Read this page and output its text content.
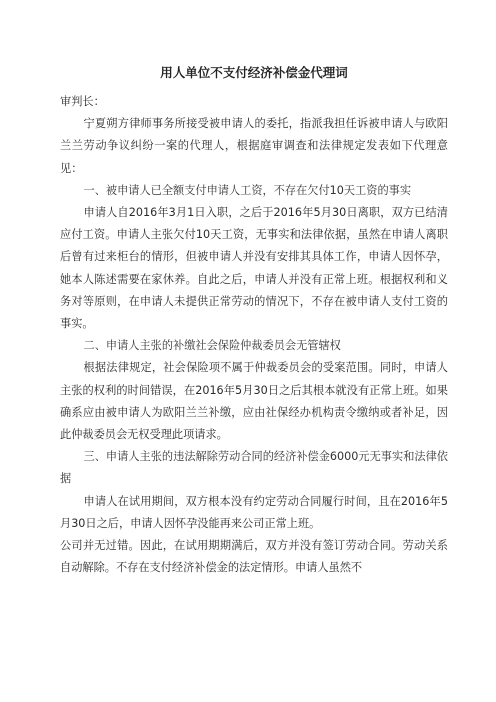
用人单位不支付经济补偿金代理词

审判长：

宁夏朔方律师事务所接受被申请人的委托，指派我担任诉被申请人与欧阳兰兰劳动争议纠纷一案的代理人，根据庭审调查和法律规定发表如下代理意见：

一、被申请人已全额支付申请人工资，不存在欠付10天工资的事实

申请人自2016年3月1日入职，之后于2016年5月30日离职，双方已结清应付工资。申请人主张欠付10天工资，无事实和法律依据，虽然在申请人离职后曾有过来柜台的情形，但被申请人并没有安排其具体工作，申请人因怀孕，她本人陈述需要在家休养。自此之后，申请人并没有正常上班。根据权利和义务对等原则，在申请人未提供正常劳动的情况下，不存在被申请人支付工资的事实。

二、申请人主张的补缴社会保险仲裁委员会无管辖权

根据法律规定，社会保险项不属于仲裁委员会的受案范围。同时，申请人主张的权利的时间错误，在2016年5月30日之后其根本就没有正常上班。如果确系应由被申请人为欧阳兰兰补缴，应由社保经办机构责令缴纳或者补足，因此仲裁委员会无权受理此项请求。

三、申请人主张的违法解除劳动合同的经济补偿金6000元无事实和法律依据

申请人在试用期间，双方根本没有约定劳动合同履行时间，且在2016年5月30日之后，申请人因怀孕没能再来公司正常上班。

公司并无过错。因此，在试用期期满后，双方并没有签订劳动合同。劳动关系自动解除。不存在支付经济补偿金的法定情形。申请人虽然不
